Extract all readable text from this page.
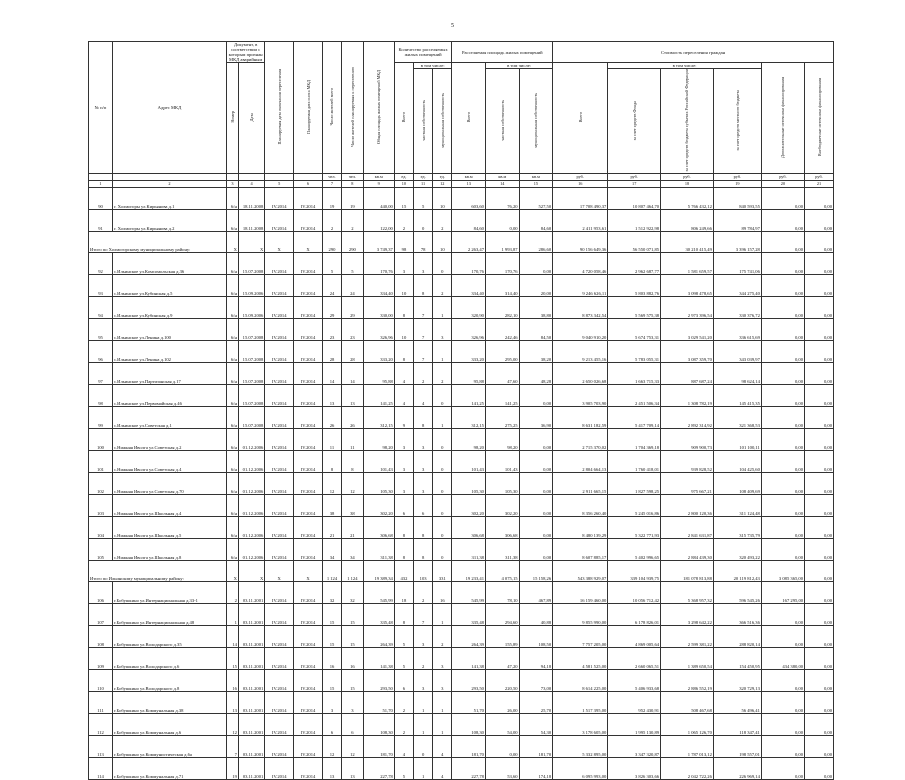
5
№ п/п	Адрес МКД	Документ, в соответствии с которым признан МКД аварийным		Планируемая дата окончания переселения	Планируемая дата сноса МКД	Число жителей всего	Число жителей планируемых к переселению	Общая площадь жилых помещений МКД	Количество расселяемых жилых помещений			Расселяемая площадь жилых помещений			Стоимость переселения граждан					
		Номер	Дата						Всего	в том числе:		Всего	в том числе:		Всего	в том числе:			Дополнительные источники финансирования	Внебюджетные источники финансирования
										частная собственность	муниципальная собственность		частная собственность	муниципальная собственность		за счет средств Фонда	за счет средств бюджета субъекта Российской Федерации	за счет средств местного бюджета		
						чел.	чел.	кв.м	ед.	ед.	ед.	кв.м	кв.м	кв.м	руб.	руб.	руб.	руб.	руб.	руб.
1	2	3	4	5	6	7	8	9	10	11	12	13	14	15	16	17	18	19	20	21
90	г. Холмогоры ул.Кирьянова д.1	6/н	18.11.2008	IV.2014	IV.2014	19	19	440,00	15	5	10	603,60	76,20	527,50	17 708 490,37	10 807 464,70	5 766 432,12	840 593,55	0,00	0,00
91	г. Холмогоры ул.Кирьянова д.2	6/н	18.11.2008	IV.2014	IV.2014	2	2	122,00	2	0	2	84,60	0,00	84,60	2 411 953,61	1 512 922,98	806 249,66	89 784,97	0,00	0,00
Итого по Холмогорскому муниципальному району:		X	X	X	X	290	290	3 749,37	98	78	10	2 263,47	1 993,87	286,60	90 156 649,36	56 550 071,85	30 210 415,49	3 396 157,28	0,00	0,00
92	с.Ильинское ул.Комсомольская д.36	6/н	15.07.2008	IV.2014	IV.2014	5	5	170,76	3	3	0	170,76	170,76	0,00	4 720 058,46	2 962 687,77	1 581 659,57	175 741,06	0,00	0,00
93	с.Ильинское ул.Кубинская д.5	6/н	15.09.2006	IV.2014	IV.2014	24	24	334,40	10	8	2	334,40	314,40	20,00	9 246 626,11	5 803 882,76	3 098 478,65	344 275,40	0,00	0,00
94	с.Ильинское ул.Кубинская д.9	6/н	15.09.2006	IV.2014	IV.2014	29	29	330,00	8	7	1	320,90	282,10	38,80	8 873 342,54	5 569 575,38	2 973 396,54	330 376,72	0,00	0,00
95	с.Ильинское ул.Ленина д.100	6/н	15.07.2008	IV.2014	IV.2014	23	23	326,96	10	7	3	326,96	242,46	84,50	9 040 910,20	5 674 753,31	3 029 541,20	336 615,69	0,00	0,00
96	с.Ильинское ул.Ленина д.102	6/н	15.07.2008	IV.2014	IV.2014	28	28	333,20	8	7	1	333,20	295,00	38,20	9 213 455,16	5 783 055,31	3 087 359,70	343 039,97	0,00	0,00
97	с.Ильинское ул.Партизанская д.17	6/н	15.07.2008	IV.2014	IV.2014	14	14	95,88	4	2	2	95,88	47,60	48,28	2 650 026,68	1 663 715,33	887 687,24	98 624,14	0,00	0,00
98	с.Ильинское ул.Первомайская д.46	6/н	15.07.2008	IV.2014	IV.2014	13	13	141,25	4	4	0	141,25	141,25	0,00	3 905 703,90	2 451 506,34	1 308 782,19	145 415,35	0,00	0,00
99	с.Ильинское ул.Советская д.1	6/н	15.07.2008	IV.2014	IV.2014	26	26	312,15	9	8	1	312,15	275,25	36,90	8 631 182,59	5 417 709,14	2 892 314,92	321 368,53	0,00	0,00
100	с.Нижняя Иволга ул.Советская д.2	6/н	01.12.2006	IV.2014	IV.2014	11	11	98,20	3	3	0	98,20	98,20	0,00	2 715 370,02	1 704 369,18	909 900,73	101 100,11	0,00	0,00
101	с.Нижняя Иволга ул.Советская д.4	6/н	01.12.2006	IV.2014	IV.2014	8	8	101,43	3	3	0	101,43	101,43	0,00	2 804 664,13	1 760 418,01	939 828,52	104 425,60	0,00	0,00
102	с.Нижняя Иволга ул.Советская д.70	6/н	01.12.2006	IV.2014	IV.2014	12	12	105,30	3	3	0	105,30	105,30	0,00	2 911 665,15	1 827 598,25	975 667,21	108 409,69	0,00	0,00
103	с.Нижняя Иволга ул.Школьная д.4	6/н	01.12.2006	IV.2014	IV.2014	38	38	302,20	6	6	0	302,20	302,20	0,00	8 356 260,40	5 245 016,86	2 800 120,36	311 124,48	0,00	0,00
104	с.Нижняя Иволга ул.Школьная д.5	6/н	01.12.2006	IV.2014	IV.2014	21	21	306,68	8	8	0	306,68	306,68	0,00	8 480 139,29	5 322 771,93	2 841 631,87	315 735,79	0,00	0,00
105	с.Нижняя Иволга ул.Школьная д.8	6/н	01.12.2006	IV.2014	IV.2014	34	34	311,38	8	8	0	311,38	311,38	0,00	8 607 885,17	5 402 996,65	2 884 439,30	320 493,22	0,00	0,00
Итого по Ильинскому муниципальному району:		X	X	X	X	1 124	1 124	19 389,34	432	103	331	19 233,41	4 075,15	15 158,26	543 388 929,07	339 104 939,75	181 078 813,88	20 119 812,43	3 085 365,00	0,00
106	г.Бобушкино ул.Интернациональная д.33-1	2	03.11.2001	IV.2014	IV.2014	32	32	545,99	18	2	16	545,99	78,10	467,89	16 159 460,00	10 056 712,42	5 368 957,32	596 545,26	167 295,00	0,00
107	г.Бобушкино ул.Интернациональная д.48	1	03.11.2001	IV.2014	IV.2014	15	15	335,48	8	7	1	335,48	294,60	40,88	9 855 990,00	6 178 826,01	3 298 642,22	366 516,36	0,00	0,00
108	г.Бобушкино ул.Володарского д.35	14	03.11.2001	IV.2014	IV.2014	15	15	264,39	5	3	2	264,39	155,89	108,50	7 757 205,00	4 869 005,64	2 599 381,22	288 820,14	0,00	0,00
109	г.Бобушкино ул.Володарского д.6	15	03.11.2001	IV.2014	IV.2014	16	16	141,38	5	2	3	141,38	47,20	94,18	4 581 525,00	2 660 065,51	1 389 650,54	154 450,95	434 380,00	0,00
110	г.Бобушкино ул.Володарского д.8	16	03.11.2001	IV.2014	IV.2014	15	15	293,50	6	3	3	293,50	220,50	73,00	8 614 225,00	5 406 933,68	2 886 552,19	320 729,13	0,00	0,00
111	г.Бобушкино ул.Коммунальная д.38	13	03.11.2001	IV.2014	IV.2014	3	3	51,70	2	1	1	51,70	26,00	25,70	1 517 395,00	952 430,91	508 467,68	56 496,41	0,00	0,00
112	г.Бобушкино ул.Коммунальная д.6	12	03.11.2001	IV.2014	IV.2014	6	6	108,30	2	1	1	108,30	54,00	54,30	3 178 605,00	1 995 130,89	1 065 126,70	118 347,41	0,00	0,00
113	г.Бобушкино ул.Коммунистическая д.6а	7	03.11.2001	IV.2014	IV.2014	12	12	181,70	4	0	4	181,70	0,00	181,70	5 332 895,00	3 347 320,87	1 787 013,12	198 557,01	0,00	0,00
114	г.Бобушкино ул.Коммунальная д.71	19	03.11.2001	IV.2014	IV.2014	13	13	227,78	5	1	4	227,78	53,60	174,18	6 095 993,00	3 826 303,66	2 042 722,26	226 969,14	0,00	0,00
